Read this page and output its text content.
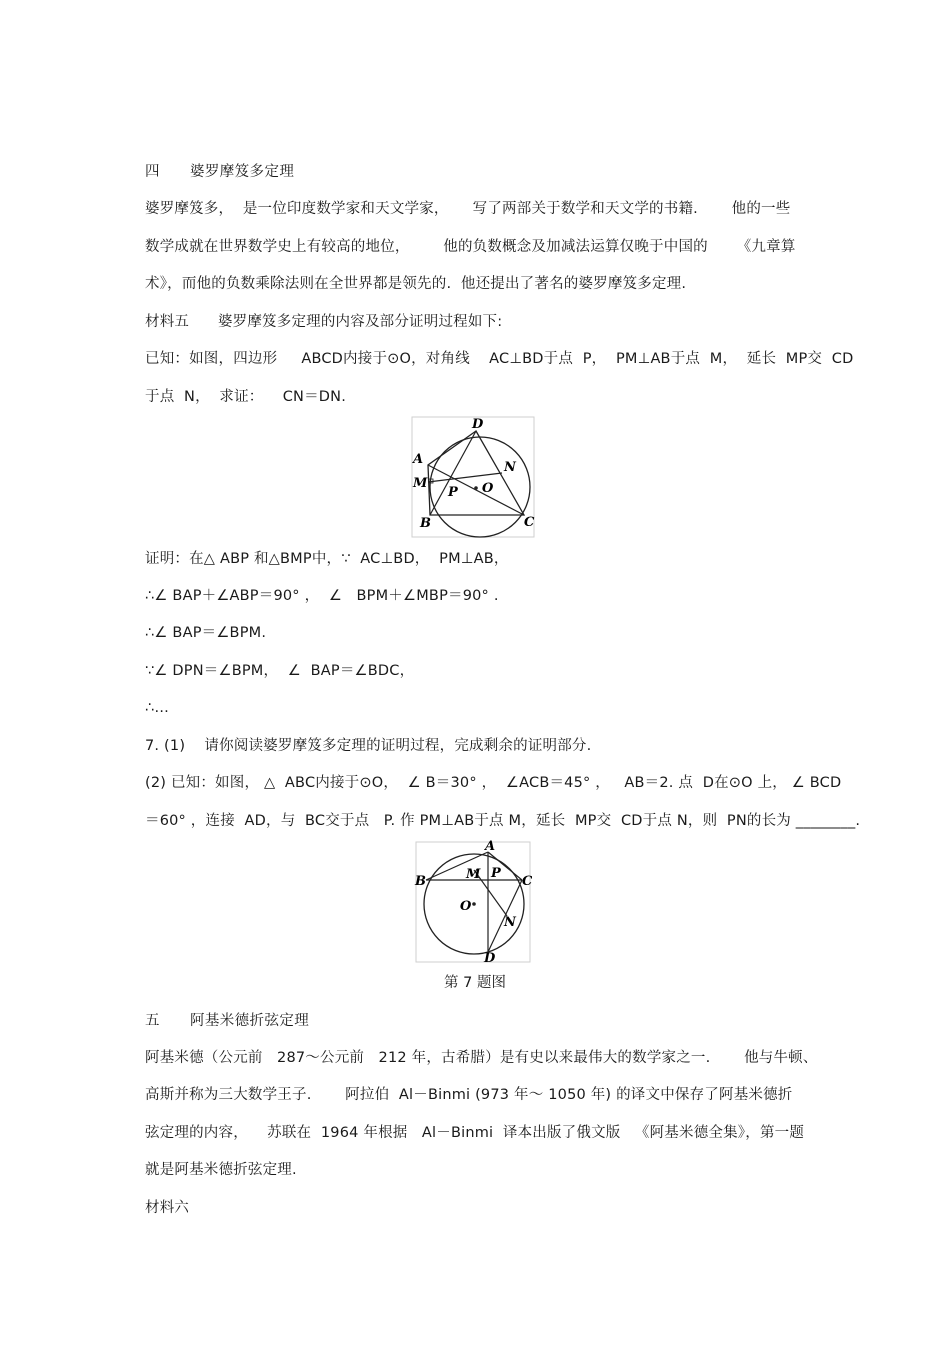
四      婆罗摩笈多定理
婆罗摩笈多，  是一位印度数学家和天文学家，     写了两部关于数学和天文学的书籍.       他的一些
数学成就在世界数学史上有较高的地位，       他的负数概念及加减法运算仅晚于中国的      《九章算
术》，而他的负数乘除法则在全世界都是领先的.  他还提出了著名的婆罗摩笈多定理.
材料五      婆罗摩笈多定理的内容及部分证明过程如下:
已知：如图，四边形     ABCD内接于⊙O，对角线    AC⊥BD于点  P，  PM⊥AB于点  M，  延长  MP交  CD
于点  N，  求证：    CN＝DN.
D
A
M
N
P O
B	C
证明：在△ ABP 和△BMP中，∵  AC⊥BD，  PM⊥AB，
∴∠ BAP＋∠ABP＝90° ，  ∠   BPM＋∠MBP＝90° .
∴∠ BAP＝∠BPM.
∵∠ DPN＝∠BPM，  ∠  BAP＝∠BDC，
∴…
7. (1)    请你阅读婆罗摩笈多定理的证明过程，完成剩余的证明部分.
(2) 已知：如图， △  ABC内接于⊙O，  ∠ B＝30° ，  ∠ACB＝45° ，   AB＝2. 点  D在⊙O 上， ∠ BCD
＝60° ，连接  AD，与  BC交于点   P. 作 PM⊥AB于点 M，延长  MP交  CD于点 N，则  PN的长为 ________.
A
B	C
D
M P
N
O
第 7 题图
五      阿基米德折弦定理
阿基米德（公元前   287～公元前   212 年，古希腊）是有史以来最伟大的数学家之一.       他与牛顿、
高斯并称为三大数学王子.       阿拉伯  Al－Binmi (973 年～ 1050 年) 的译文中保存了阿基米德折
弦定理的内容，    苏联在  1964 年根据   Al－Binmi  译本出版了俄文版   《阿基米德全集》，第一题
就是阿基米德折弦定理.
材料六
